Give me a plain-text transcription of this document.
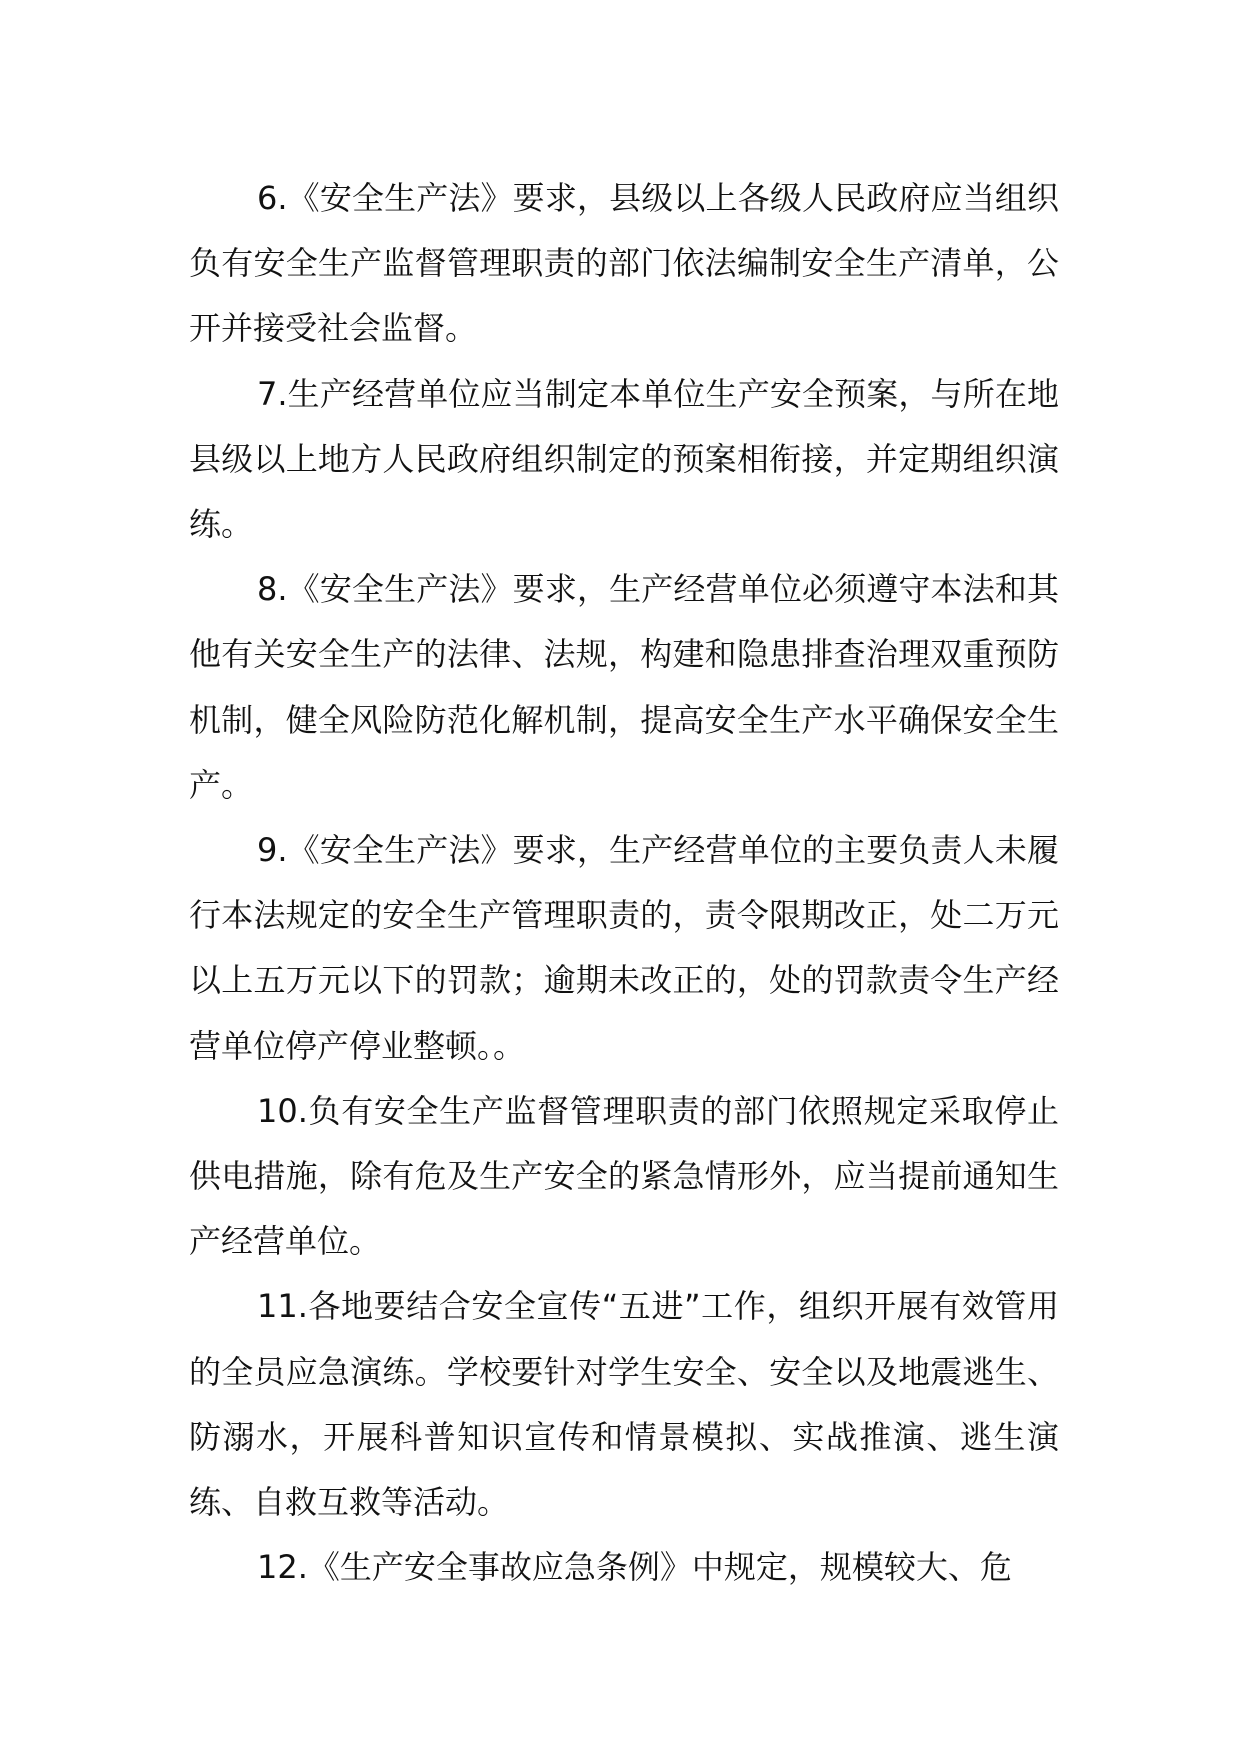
6.《安全生产法》要求，县级以上各级人民政府应当组织负有安全生产监督管理职责的部门依法编制安全生产清单，公开并接受社会监督。

7.生产经营单位应当制定本单位生产安全预案，与所在地县级以上地方人民政府组织制定的预案相衔接，并定期组织演练。

8.《安全生产法》要求，生产经营单位必须遵守本法和其他有关安全生产的法律、法规，构建和隐患排查治理双重预防机制，健全风险防范化解机制，提高安全生产水平确保安全生产。

9.《安全生产法》要求，生产经营单位的主要负责人未履行本法规定的安全生产管理职责的，责令限期改正，处二万元以上五万元以下的罚款；逾期未改正的，处的罚款责令生产经营单位停产停业整顿。。

10.负有安全生产监督管理职责的部门依照规定采取停止供电措施，除有危及生产安全的紧急情形外，应当提前通知生产经营单位。

11.各地要结合安全宣传“五进”工作，组织开展有效管用的全员应急演练。学校要针对学生安全、安全以及地震逃生、防溺水，开展科普知识宣传和情景模拟、实战推演、逃生演练、自救互救等活动。

12.《生产安全事故应急条例》中规定，规模较大、危
